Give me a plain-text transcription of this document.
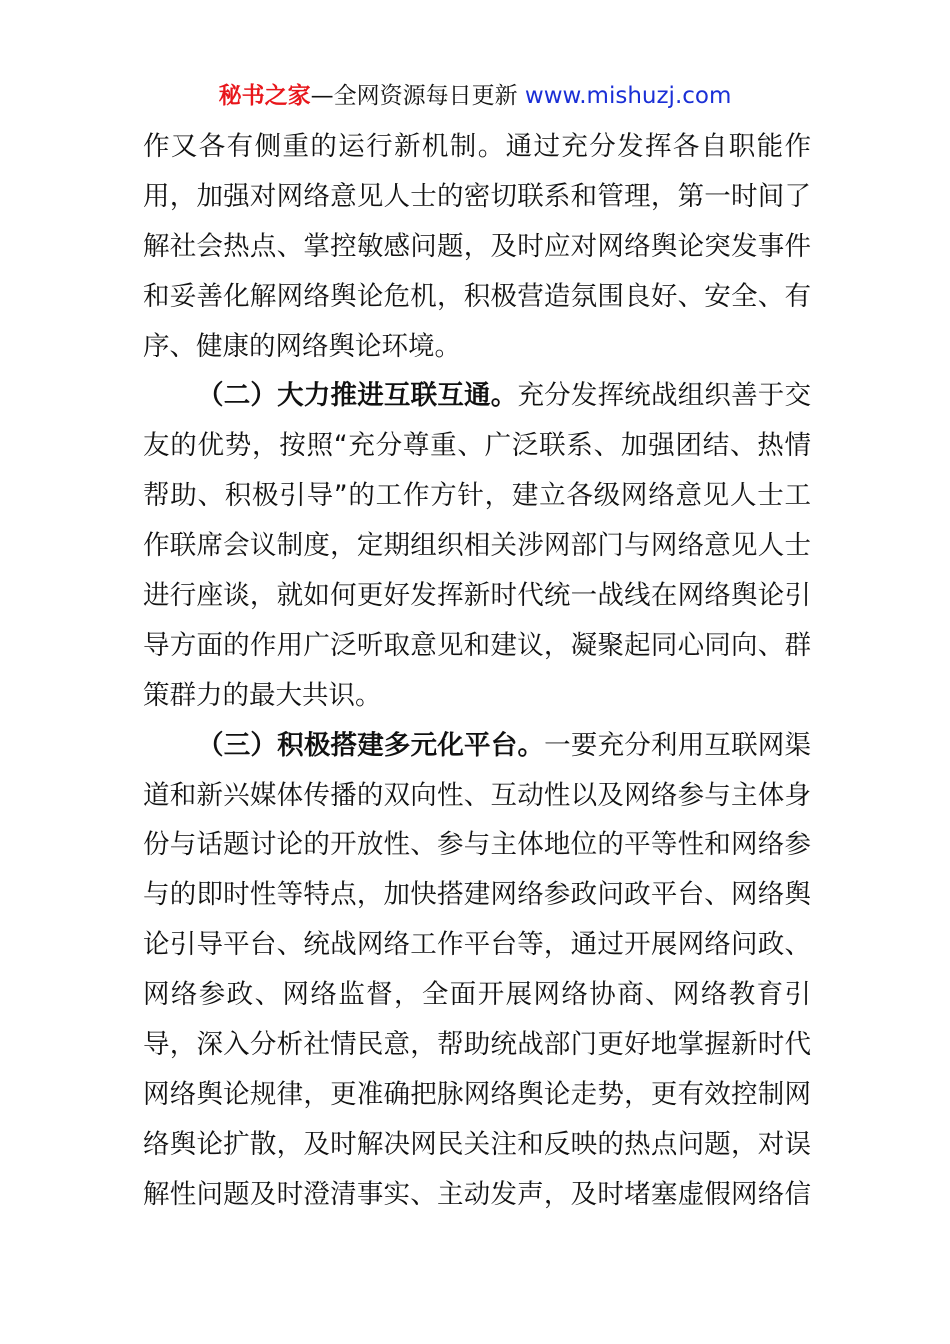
秘书之家—全网资源每日更新 www.mishuzj.com
作又各有侧重的运行新机制。通过充分发挥各自职能作
用，加强对网络意见人士的密切联系和管理，第一时间了
解社会热点、掌控敏感问题，及时应对网络舆论突发事件
和妥善化解网络舆论危机，积极营造氛围良好、安全、有
序、健康的网络舆论环境。
（二）大力推进互联互通。充分发挥统战组织善于交
友的优势，按照“充分尊重、广泛联系、加强团结、热情
帮助、积极引导”的工作方针，建立各级网络意见人士工
作联席会议制度，定期组织相关涉网部门与网络意见人士
进行座谈，就如何更好发挥新时代统一战线在网络舆论引
导方面的作用广泛听取意见和建议，凝聚起同心同向、群
策群力的最大共识。
（三）积极搭建多元化平台。一要充分利用互联网渠
道和新兴媒体传播的双向性、互动性以及网络参与主体身
份与话题讨论的开放性、参与主体地位的平等性和网络参
与的即时性等特点，加快搭建网络参政问政平台、网络舆
论引导平台、统战网络工作平台等，通过开展网络问政、
网络参政、网络监督，全面开展网络协商、网络教育引
导，深入分析社情民意，帮助统战部门更好地掌握新时代
网络舆论规律，更准确把脉网络舆论走势，更有效控制网
络舆论扩散，及时解决网民关注和反映的热点问题，对误
解性问题及时澄清事实、主动发声，及时堵塞虚假网络信
